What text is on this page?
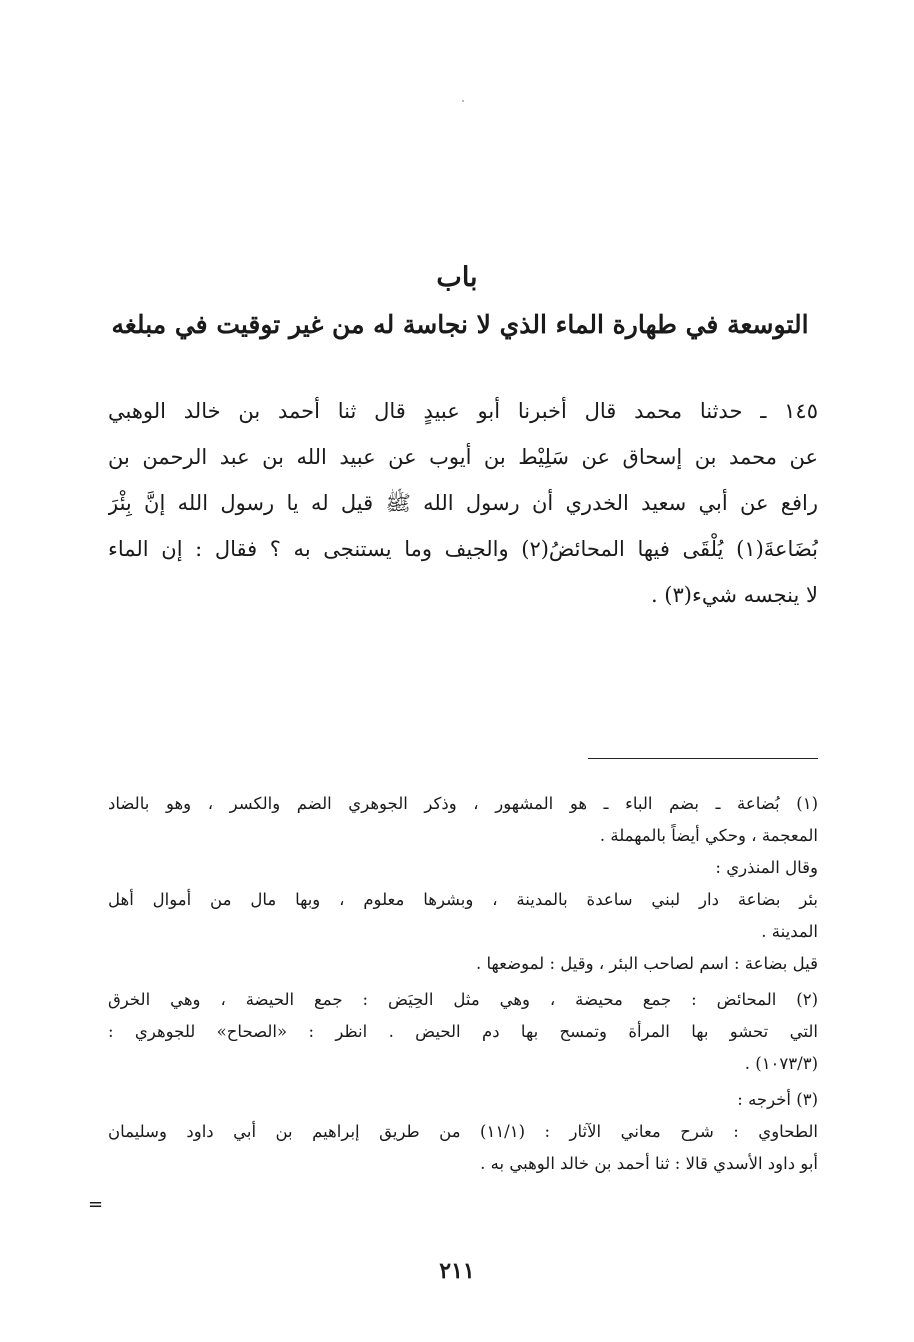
باب
التوسعة في طهارة الماء الذي لا نجاسة له من غير توقيت في مبلغه
١٤٥ ـ حدثنا محمد قال أخبرنا أبو عبيدٍ قال ثنا أحمد بن خالد الوهبي
عن محمد بن إسحاق عن سَلِيْط بن أيوب عن عبيد الله بن عبد الرحمن بن
رافع عن أبي سعيد الخدري أن رسول الله ﷺ قيل له يا رسول الله إنَّ بِئْرَ
بُضَاعةَ(١) يُلْقَى فيها المحائضُ(٢) والجيف وما يستنجى به ؟ فقال : إن الماء
لا ينجسه شيء(٣) .
(١) بُضاعة ـ بضم الباء ـ هو المشهور ، وذكر الجوهري الضم والكسر ، وهو بالضاد
المعجمة ، وحكي أيضاً بالمهملة .
وقال المنذري :
بئر بضاعة دار لبني ساعدة بالمدينة ، وبشرها معلوم ، وبها مال من أموال أهل
المدينة .
قيل بضاعة : اسم لصاحب البئر ، وقيل : لموضعها .
(٢) المحائض : جمع محيضة ، وهي مثل الحِيَض : جمع الحيضة ، وهي الخرق
التي تحشو بها المرأة وتمسح بها دم الحيض . انظر : «الصحاح» للجوهري :
(١٠٧٣/٣) .
(٣) أخرجه :
الطحاوي : شرح معاني الآثار : (١١/١) من طريق إبراهيم بن أبي داود وسليمان
أبو داود الأسدي قالا : ثنا أحمد بن خالد الوهبي به .
=
٢١١
